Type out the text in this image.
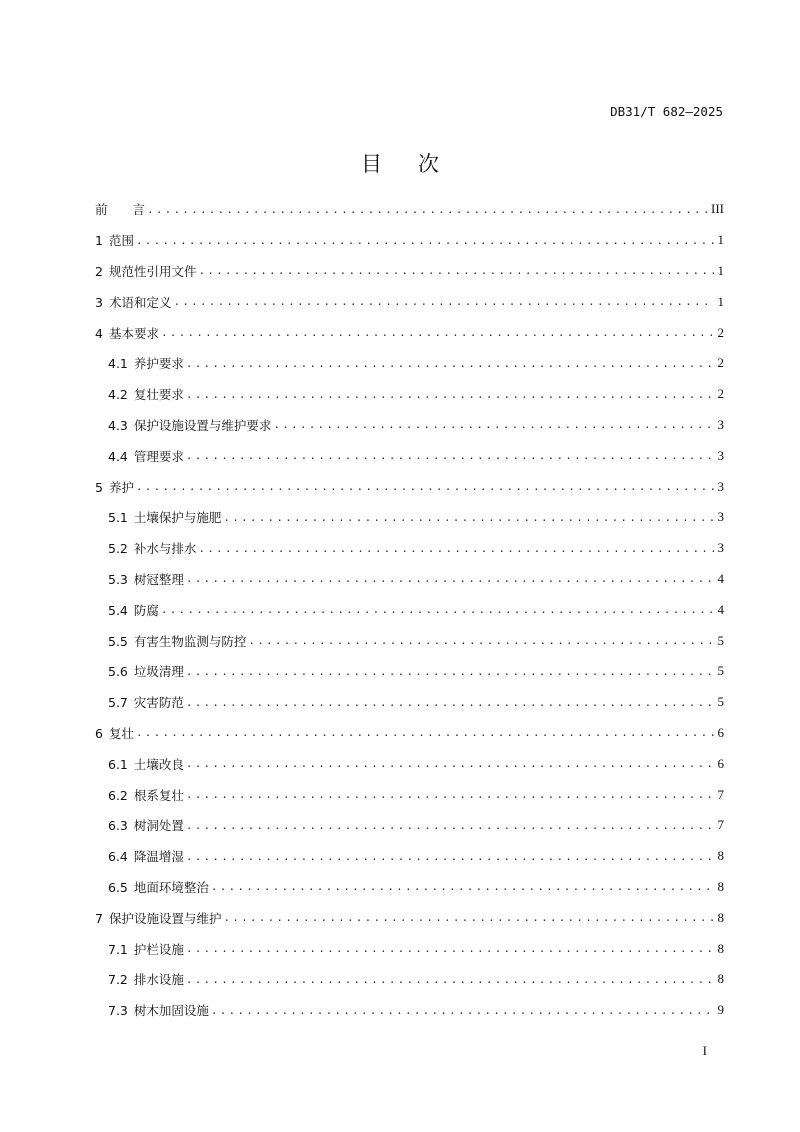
DB31/T 682—2025
目 次
前　　言 .....	III
1 范围 .....	1
2 规范性引用文件 .....	1
3 术语和定义 .....	1
4 基本要求 .....	2
4.1 养护要求 .....	2
4.2 复壮要求 .....	2
4.3 保护设施设置与维护要求 .....	3
4.4 管理要求 .....	3
5 养护 .....	3
5.1 土壤保护与施肥 .....	3
5.2 补水与排水 .....	3
5.3 树冠整理 .....	4
5.4 防腐 .....	4
5.5 有害生物监测与防控 .....	5
5.6 垃圾清理 .....	5
5.7 灾害防范 .....	5
6 复壮 .....	6
6.1 土壤改良 .....	6
6.2 根系复壮 .....	7
6.3 树洞处置 .....	7
6.4 降温增湿 .....	8
6.5 地面环境整治 .....	8
7 保护设施设置与维护 .....	8
7.1 护栏设施 .....	8
7.2 排水设施 .....	8
7.3 树木加固设施 .....	9
I
